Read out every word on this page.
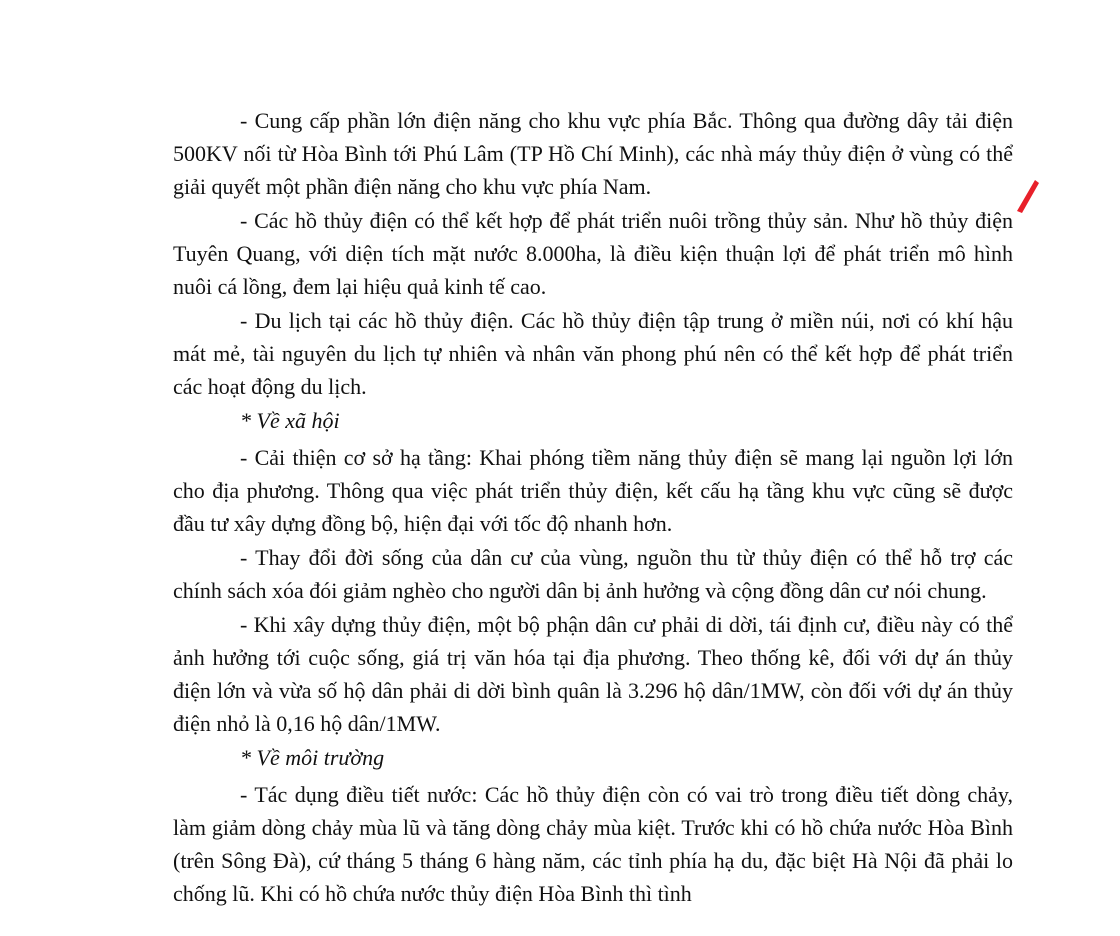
- Cung cấp phần lớn điện năng cho khu vực phía Bắc. Thông qua đường dây tải điện 500KV nối từ Hòa Bình tới Phú Lâm (TP Hồ Chí Minh), các nhà máy thủy điện ở vùng có thể giải quyết một phần điện năng cho khu vực phía Nam.

- Các hồ thủy điện có thể kết hợp để phát triển nuôi trồng thủy sản. Như hồ thủy điện Tuyên Quang, với diện tích mặt nước 8.000ha, là điều kiện thuận lợi để phát triển mô hình nuôi cá lồng, đem lại hiệu quả kinh tế cao.

- Du lịch tại các hồ thủy điện. Các hồ thủy điện tập trung ở miền núi, nơi có khí hậu mát mẻ, tài nguyên du lịch tự nhiên và nhân văn phong phú nên có thể kết hợp để phát triển các hoạt động du lịch.

* Về xã hội

- Cải thiện cơ sở hạ tầng: Khai phóng tiềm năng thủy điện sẽ mang lại nguồn lợi lớn cho địa phương. Thông qua việc phát triển thủy điện, kết cấu hạ tầng khu vực cũng sẽ được đầu tư xây dựng đồng bộ, hiện đại với tốc độ nhanh hơn.

- Thay đổi đời sống của dân cư của vùng, nguồn thu từ thủy điện có thể hỗ trợ các chính sách xóa đói giảm nghèo cho người dân bị ảnh hưởng và cộng đồng dân cư nói chung.

- Khi xây dựng thủy điện, một bộ phận dân cư phải di dời, tái định cư, điều này có thể ảnh hưởng tới cuộc sống, giá trị văn hóa tại địa phương. Theo thống kê, đối với dự án thủy điện lớn và vừa số hộ dân phải di dời bình quân là 3.296 hộ dân/1MW, còn đối với dự án thủy điện nhỏ là 0,16 hộ dân/1MW.

* Về môi trường

- Tác dụng điều tiết nước: Các hồ thủy điện còn có vai trò trong điều tiết dòng chảy, làm giảm dòng chảy mùa lũ và tăng dòng chảy mùa kiệt. Trước khi có hồ chứa nước Hòa Bình (trên Sông Đà), cứ tháng 5 tháng 6 hàng năm, các tỉnh phía hạ du, đặc biệt Hà Nội đã phải lo chống lũ. Khi có hồ chứa nước thủy điện Hòa Bình thì tình
